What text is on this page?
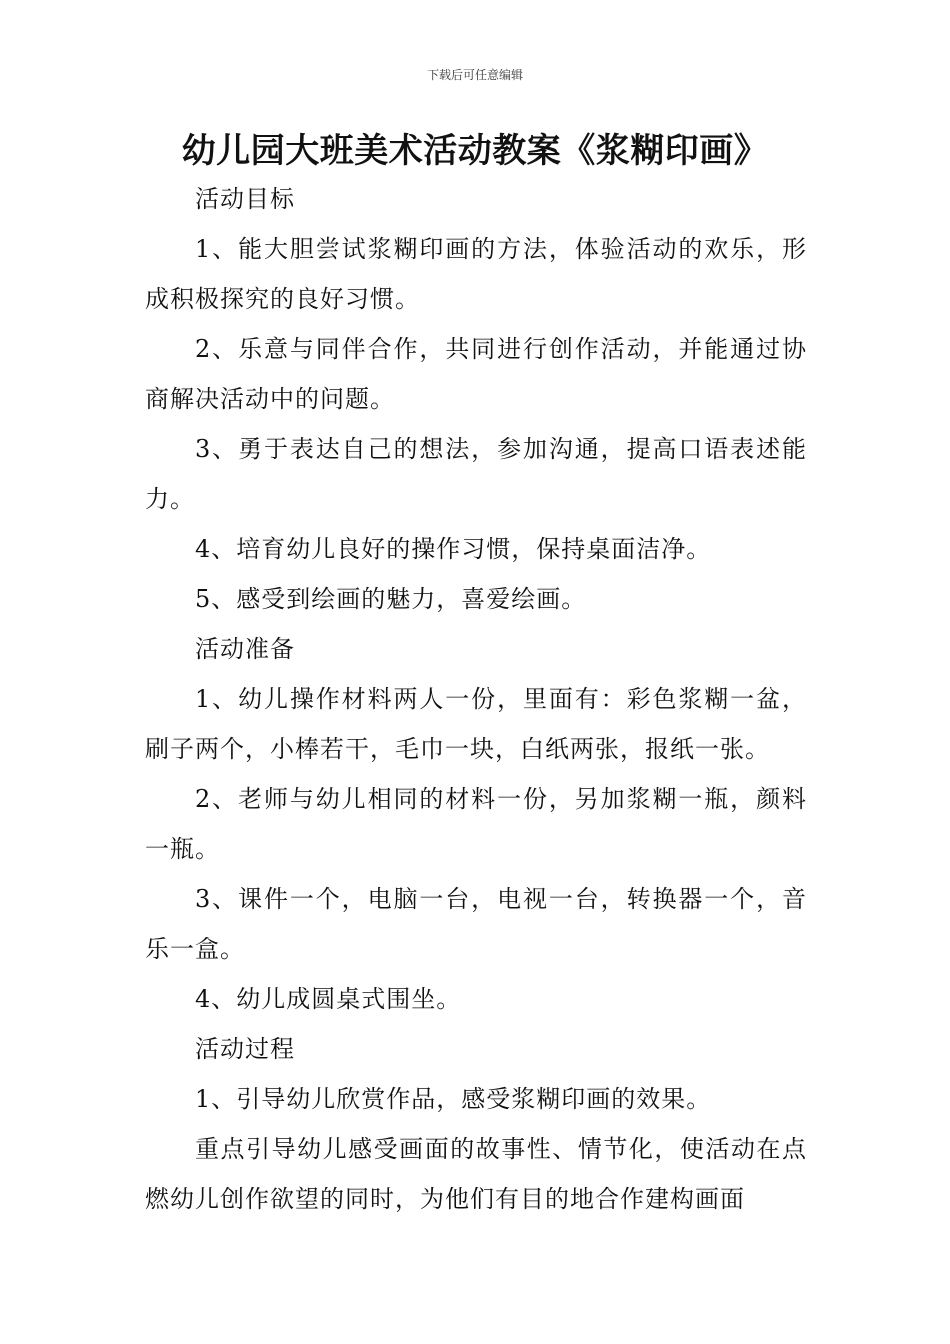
下载后可任意编辑
幼儿园大班美术活动教案《浆糊印画》

活动目标

1、能大胆尝试浆糊印画的方法，体验活动的欢乐，形成积极探究的良好习惯。

2、乐意与同伴合作，共同进行创作活动，并能通过协商解决活动中的问题。

3、勇于表达自己的想法，参加沟通，提高口语表述能力。

4、培育幼儿良好的操作习惯，保持桌面洁净。

5、感受到绘画的魅力，喜爱绘画。

活动准备

1、幼儿操作材料两人一份，里面有：彩色浆糊一盆，刷子两个，小棒若干，毛巾一块，白纸两张，报纸一张。

2、老师与幼儿相同的材料一份，另加浆糊一瓶，颜料一瓶。

3、课件一个，电脑一台，电视一台，转换器一个，音乐一盒。

4、幼儿成圆桌式围坐。

活动过程

1、引导幼儿欣赏作品，感受浆糊印画的效果。

重点引导幼儿感受画面的故事性、情节化，使活动在点燃幼儿创作欲望的同时，为他们有目的地合作建构画面
